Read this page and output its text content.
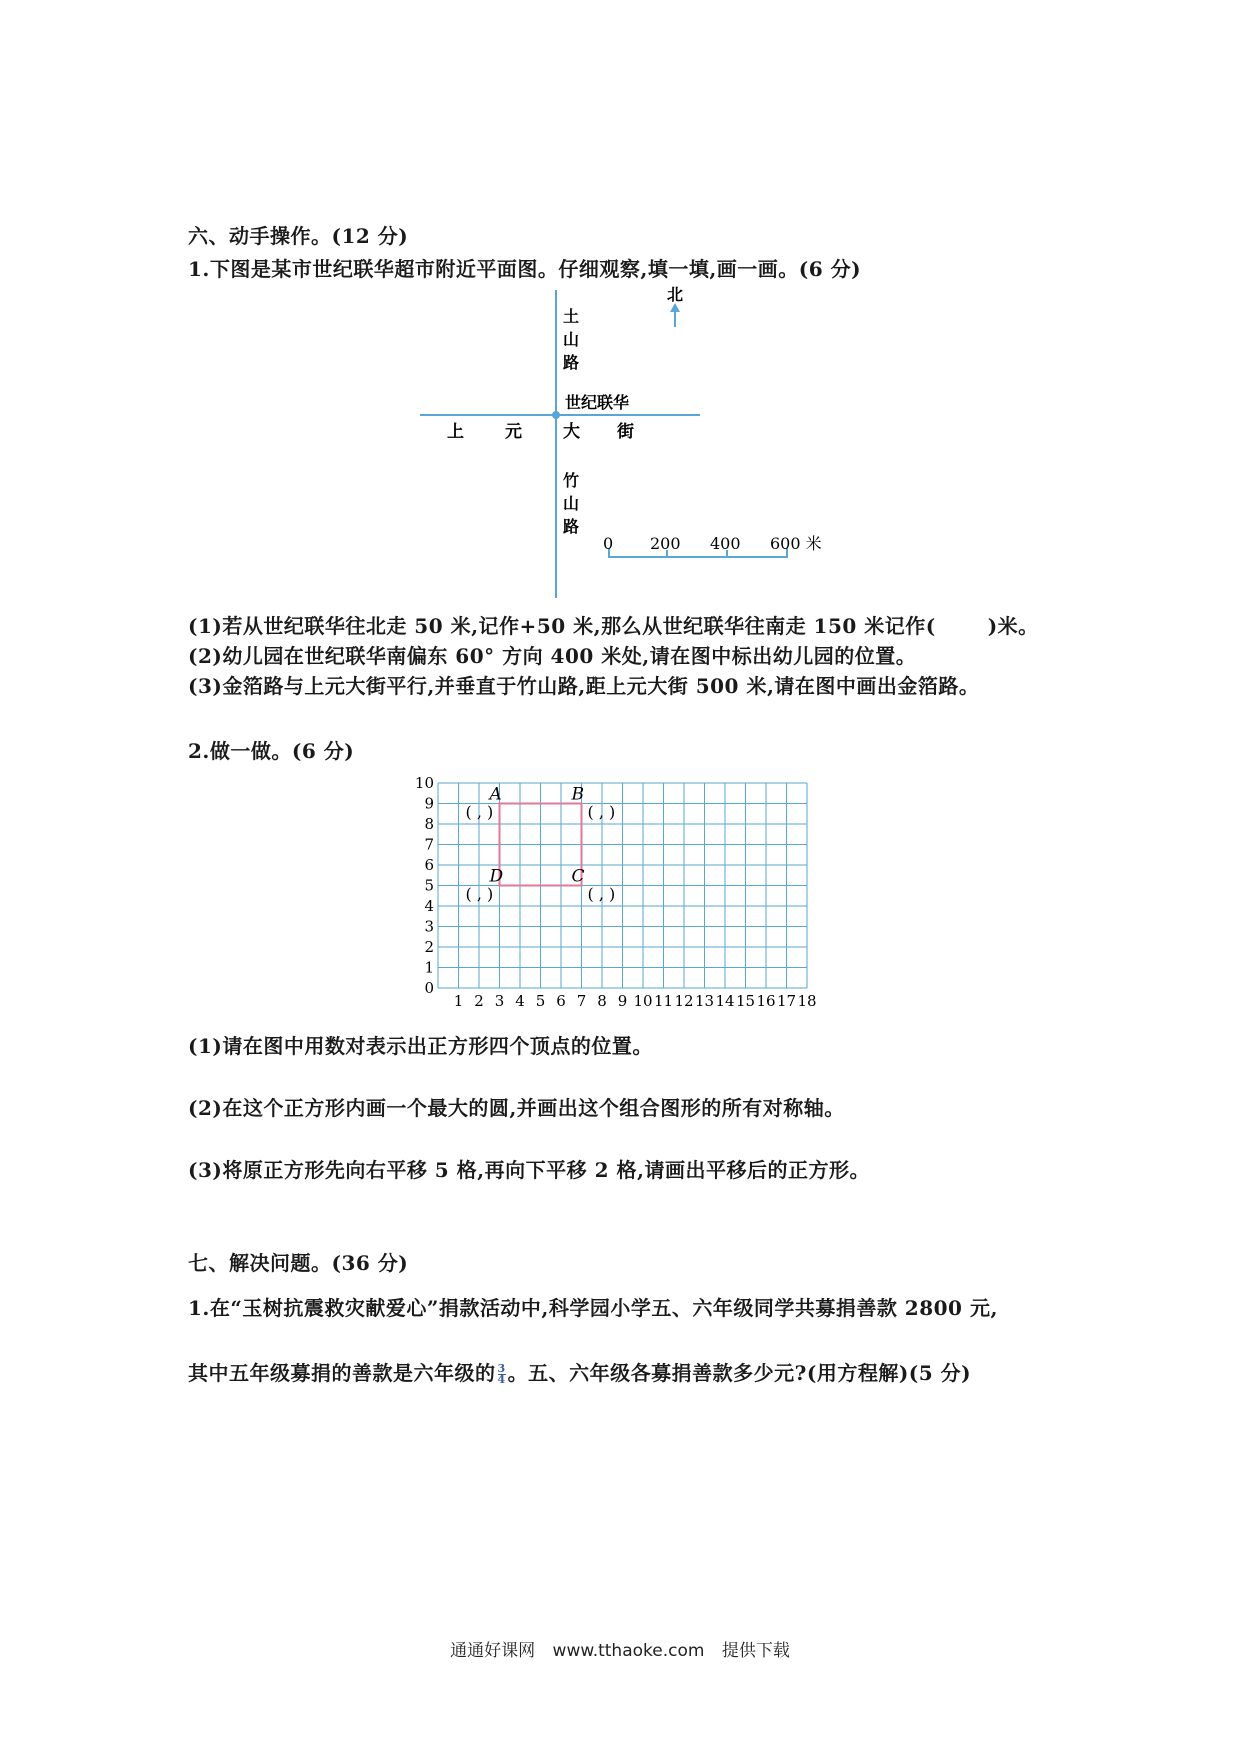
六、动手操作。(12 分)
1.下图是某市世纪联华超市附近平面图。仔细观察,填一填,画一画。(6 分)
北
土
山
路
世纪联华
上 元 大 街
竹
山
路
0 200 400 600 米
(1)若从世纪联华往北走 50 米,记作+50 米,那么从世纪联华往南走 150 米记作(	)米。
(2)幼儿园在世纪联华南偏东 60° 方向 400 米处,请在图中标出幼儿园的位置。
(3)金箔路与上元大街平行,并垂直于竹山路,距上元大街 500 米,请在图中画出金箔路。
2.做一做。(6 分)
1 2 3 4 5 6 7 8 9 10 11 12 13 14 15 16 17 18
0
1
2
3
4
5
6
7
8
9
10
A
( , )
B
( , )
D
( , )
C
( , )
(1)请在图中用数对表示出正方形四个顶点的位置。
(2)在这个正方形内画一个最大的圆,并画出这个组合图形的所有对称轴。
(3)将原正方形先向右平移 5 格,再向下平移 2 格,请画出平移后的正方形。
七、解决问题。(36 分)
1.在“玉树抗震救灾献爱心”捐款活动中,科学园小学五、六年级同学共募捐善款 2800 元,
其中五年级募捐的善款是六年级的 $\frac{3}{4}$ 。五、六年级各募捐善款多少元?(用方程解)(5 分)
通通好课网 www.tthaoke.com 提供下载
